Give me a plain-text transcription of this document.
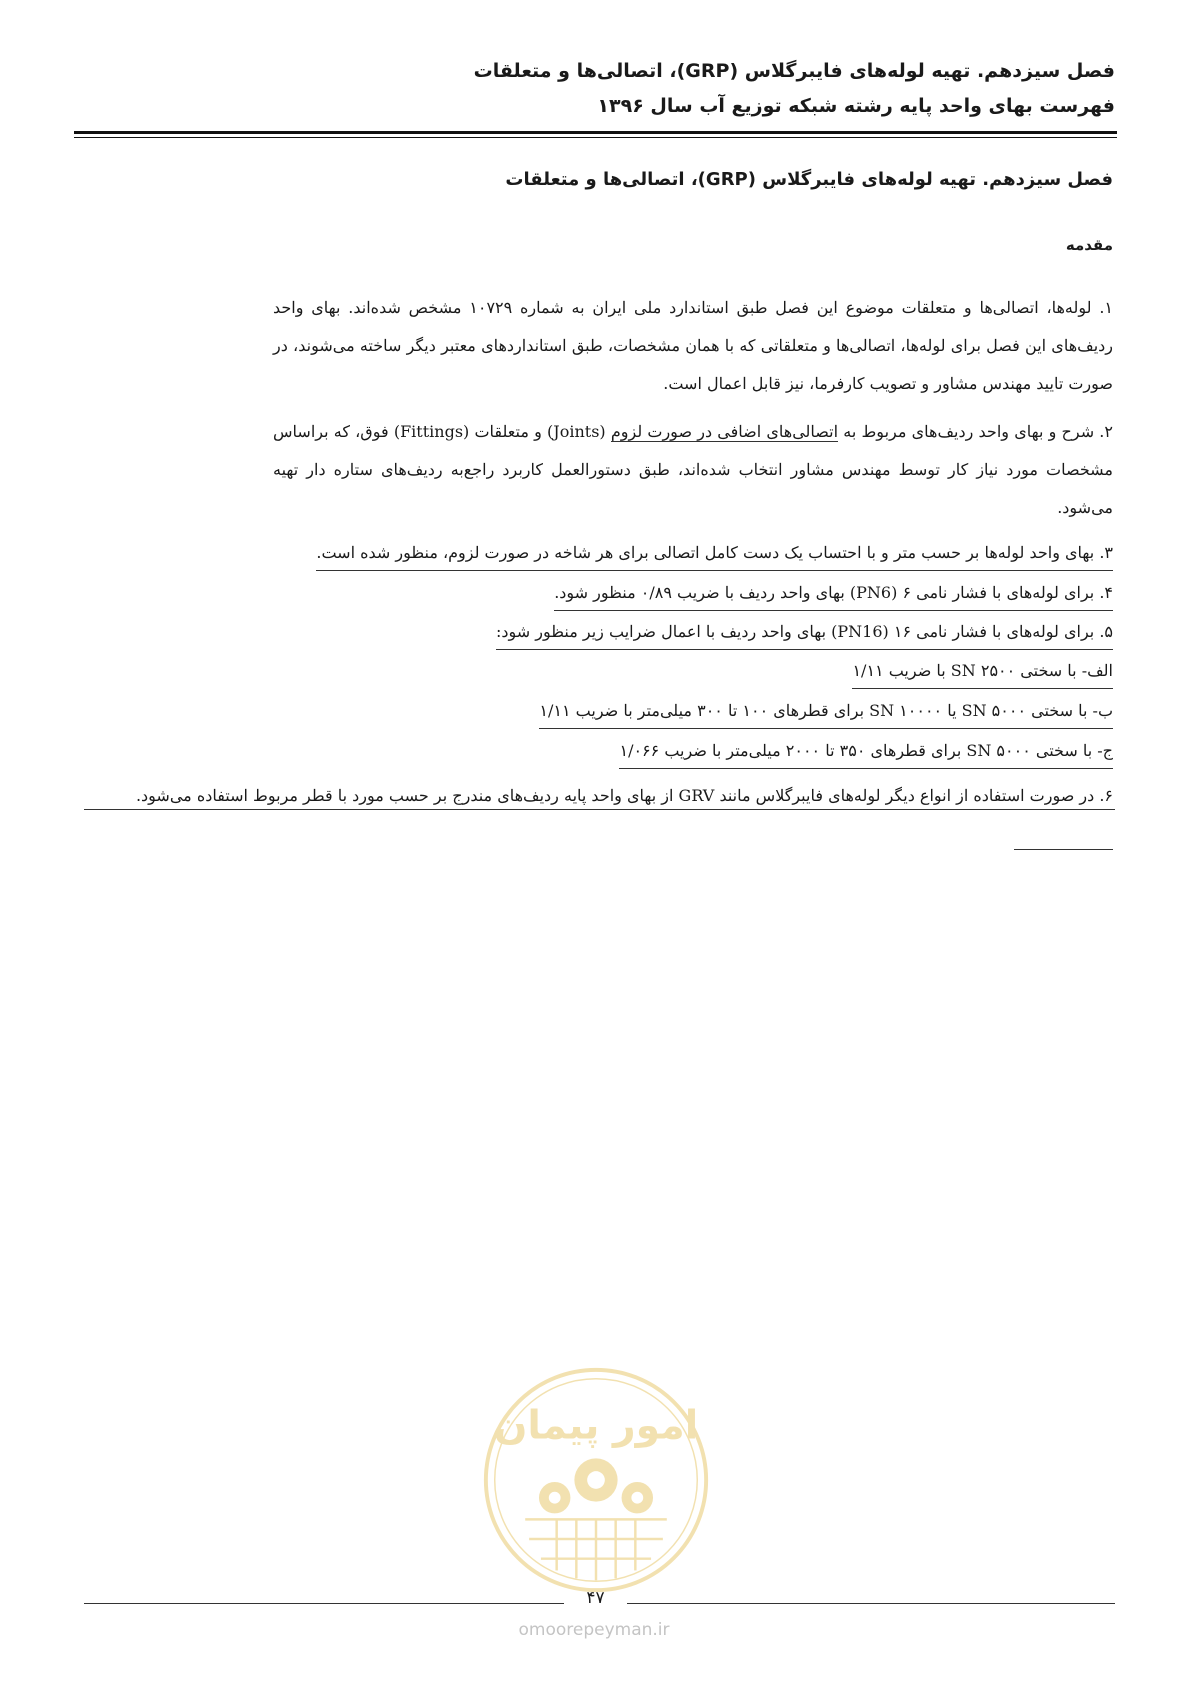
فصل سیزدهم. تهیه لوله‌های فایبرگلاس (GRP)، اتصالی‌ها و متعلقات
فهرست بهای واحد پایه رشته شبکه توزیع آب سال ۱۳۹۶
فصل سیزدهم. تهیه لوله‌های فایبرگلاس (GRP)، اتصالی‌ها و متعلقات
مقدمه
۱. لوله‌ها، اتصالی‌ها و متعلقات موضوع این فصل طبق استاندارد ملی ایران به شماره ۱۰۷۲۹ مشخص شده‌اند. بهای واحد ردیف‌های این فصل برای لوله‌ها، اتصالی‌ها و متعلقاتی که با همان مشخصات، طبق استانداردهای معتبر دیگر ساخته می‌شوند، در صورت تایید مهندس مشاور و تصویب کارفرما، نیز قابل اعمال است.
۲. شرح و بهای واحد ردیف‌های مربوط به اتصالی‌های اضافی در صورت لزوم (Joints) و متعلقات (Fittings) فوق، که براساس مشخصات مورد نیاز کار توسط مهندس مشاور انتخاب شده‌اند، طبق دستورالعمل کاربرد راجع‌به ردیف‌های ستاره دار تهیه می‌شود.
۳. بهای واحد لوله‌ها بر حسب متر و با احتساب یک دست کامل اتصالی برای هر شاخه در صورت لزوم، منظور شده است.
۴. برای لوله‌های با فشار نامی ۶ (PN6) بهای واحد ردیف با ضریب ۰/۸۹ منظور شود.
۵. برای لوله‌های با فشار نامی ۱۶ (PN16) بهای واحد ردیف با اعمال ضرایب زیر منظور شود:
الف- با سختی SN ۲۵۰۰ با ضریب ۱/۱۱
ب- با سختی SN ۵۰۰۰ یا SN ۱۰۰۰۰ برای قطرهای ۱۰۰ تا ۳۰۰ میلی‌متر با ضریب ۱/۱۱
ج- با سختی SN ۵۰۰۰ برای قطرهای ۳۵۰ تا ۲۰۰۰ میلی‌متر با ضریب ۱/۰۶۶
۶. در صورت استفاده از انواع دیگر لوله‌های فایبرگلاس مانند GRV از بهای واحد پایه ردیف‌های مندرج بر حسب مورد با قطر مربوط استفاده می‌شود.
امور پیمان
۴۷
omoorepeyman.ir
